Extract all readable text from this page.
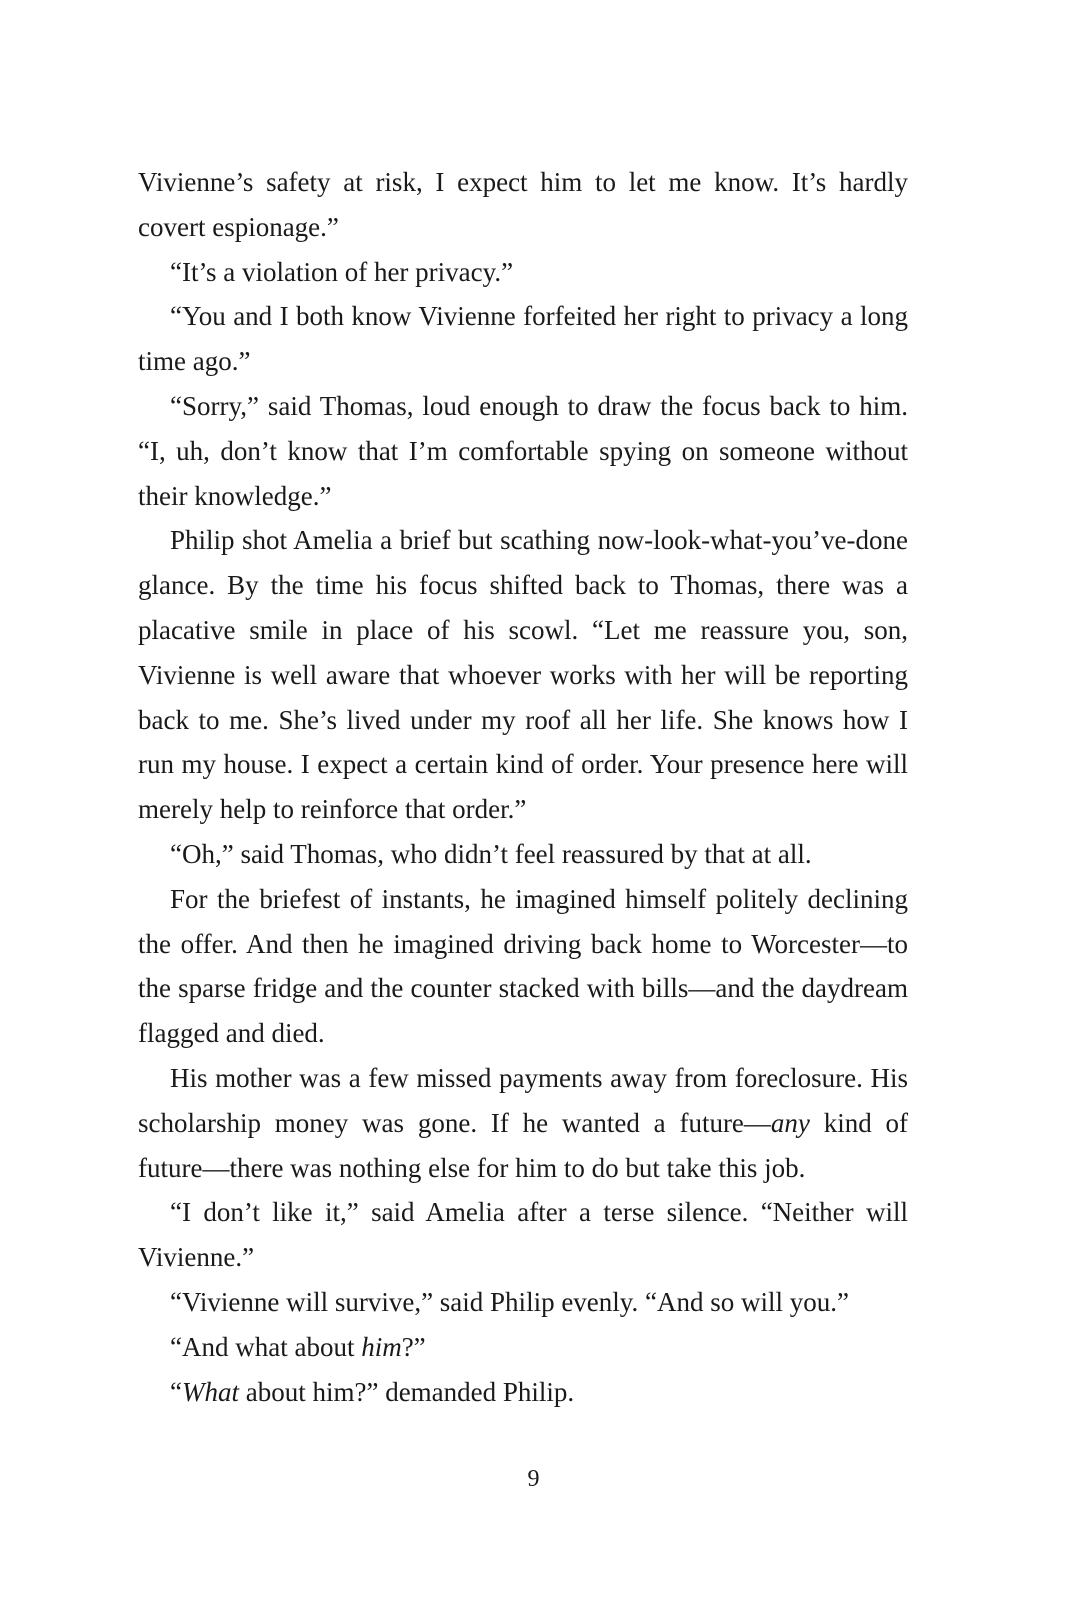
Vivienne’s safety at risk, I expect him to let me know. It’s hardly covert espionage.”

“It’s a violation of her privacy.”

“You and I both know Vivienne forfeited her right to privacy a long time ago.”

“Sorry,” said Thomas, loud enough to draw the focus back to him. “I, uh, don’t know that I’m comfortable spying on someone without their knowledge.”

Philip shot Amelia a brief but scathing now-look-what-you’ve-done glance. By the time his focus shifted back to Thomas, there was a placative smile in place of his scowl. “Let me reassure you, son, Vivienne is well aware that whoever works with her will be reporting back to me. She’s lived under my roof all her life. She knows how I run my house. I expect a certain kind of order. Your presence here will merely help to reinforce that order.”

“Oh,” said Thomas, who didn’t feel reassured by that at all.

For the briefest of instants, he imagined himself politely declining the offer. And then he imagined driving back home to Worcester—to the sparse fridge and the counter stacked with bills—and the daydream flagged and died.

His mother was a few missed payments away from foreclosure. His scholarship money was gone. If he wanted a future—any kind of future—there was nothing else for him to do but take this job.

“I don’t like it,” said Amelia after a terse silence. “Neither will Vivienne.”

“Vivienne will survive,” said Philip evenly. “And so will you.”

“And what about him?”

“What about him?” demanded Philip.

9
